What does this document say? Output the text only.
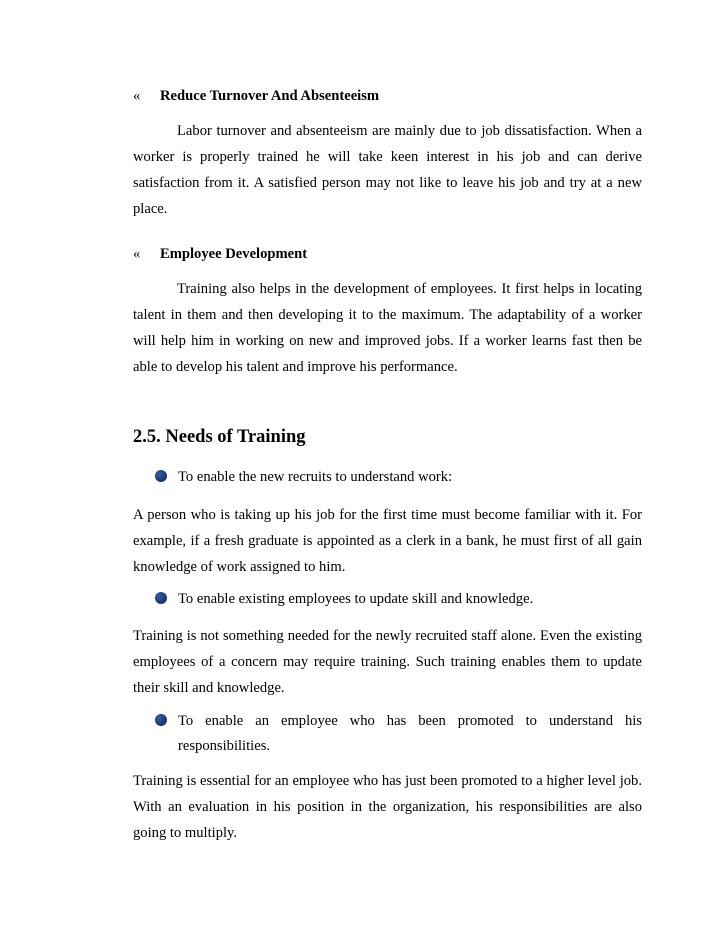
« Reduce Turnover And Absenteeism
Labor turnover and absenteeism are mainly due to job dissatisfaction. When a worker is properly trained he will take keen interest in his job and can derive satisfaction from it. A satisfied person may not like to leave his job and try at a new place.
« Employee Development
Training also helps in the development of employees. It first helps in locating talent in them and then developing it to the maximum. The adaptability of a worker will help him in working on new and improved jobs. If a worker learns fast then be able to develop his talent and improve his performance.
2.5. Needs of Training
To enable the new recruits to understand work:
A person who is taking up his job for the first time must become familiar with it. For example, if a fresh graduate is appointed as a clerk in a bank, he must first of all gain knowledge of work assigned to him.
To enable existing employees to update skill and knowledge.
Training is not something needed for the newly recruited staff alone. Even the existing employees of a concern may require training. Such training enables them to update their skill and knowledge.
To enable an employee who has been promoted to understand his responsibilities.
Training is essential for an employee who has just been promoted to a higher level job. With an evaluation in his position in the organization, his responsibilities are also going to multiply.
